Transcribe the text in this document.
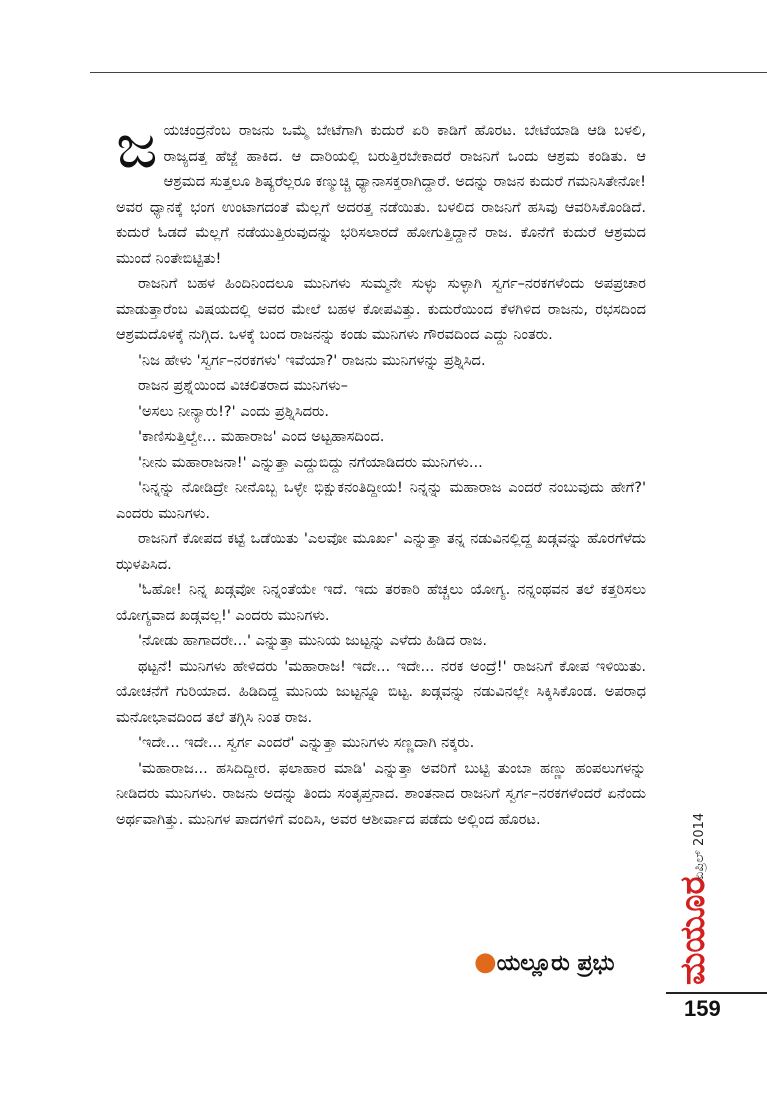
ಜಯಚಂದ್ರನೆಂಬ ರಾಜನು ಒಮ್ಮೆ ಬೇಟೆಗಾಗಿ ಕುದುರೆ ಏರಿ ಕಾಡಿಗೆ ಹೊರಟ. ಬೇಟೆಯಾಡಿ ಆಡಿ ಬಳಲಿ, ರಾಜ್ಯದತ್ತ ಹೆಜ್ಜೆ ಹಾಕಿದ. ಆ ದಾರಿಯಲ್ಲಿ ಬರುತ್ತಿರಬೇಕಾದರೆ ರಾಜನಿಗೆ ಒಂದು ಆಶ್ರಮ ಕಂಡಿತು. ಆ ಆಶ್ರಮದ ಸುತ್ತಲೂ ಶಿಷ್ಯರೆಲ್ಲರೂ ಕಣ್ಮುಚ್ಚಿ ಧ್ಯಾನಾಸಕ್ತರಾಗಿದ್ದಾರೆ. ಅದನ್ನು ರಾಜನ ಕುದುರೆ ಗಮನಿಸಿತೇನೋ! ಅವರ ಧ್ಯಾನಕ್ಕೆ ಭಂಗ ಉಂಟಾಗದಂತೆ ಮೆಲ್ಲಗೆ ಅದರತ್ತ ನಡೆಯಿತು. ಬಳಲಿದ ರಾಜನಿಗೆ ಹಸಿವು ಆವರಿಸಿಕೊಂಡಿದೆ. ಕುದುರೆ ಓಡದೆ ಮೆಲ್ಲಗೆ ನಡೆಯುತ್ತಿರುವುದನ್ನು ಭರಿಸಲಾರದೆ ಹೋಗುತ್ತಿದ್ದಾನೆ ರಾಜ. ಕೊನೆಗೆ ಕುದುರೆ ಆಶ್ರಮದ ಮುಂದೆ ನಿಂತೇಬಿಟ್ಟಿತು!

ರಾಜನಿಗೆ ಬಹಳ ಹಿಂದಿನಿಂದಲೂ ಮುನಿಗಳು ಸುಮ್ಮನೇ ಸುಳ್ಳು ಸುಳ್ಳಾಗಿ ಸ್ವರ್ಗ–ನರಕಗಳೆಂದು ಅಪಪ್ರಚಾರ ಮಾಡುತ್ತಾರೆಂಬ ವಿಷಯದಲ್ಲಿ ಅವರ ಮೇಲೆ ಬಹಳ ಕೋಪವಿತ್ತು. ಕುದುರೆಯಿಂದ ಕೆಳಗಿಳಿದ ರಾಜನು, ರಭಸದಿಂದ ಆಶ್ರಮದೊಳಕ್ಕೆ ನುಗ್ಗಿದ. ಒಳಕ್ಕೆ ಬಂದ ರಾಜನನ್ನು ಕಂಡು ಮುನಿಗಳು ಗೌರವದಿಂದ ಎದ್ದು ನಿಂತರು.

'ನಿಜ ಹೇಳು 'ಸ್ವರ್ಗ–ನರಕಗಳು' ಇವೆಯಾ?' ರಾಜನು ಮುನಿಗಳನ್ನು ಪ್ರಶ್ನಿಸಿದ.

ರಾಜನ ಪ್ರಶ್ನೆಯಿಂದ ವಿಚಲಿತರಾದ ಮುನಿಗಳು–

'ಅಸಲು ನೀನ್ಯಾರು!?' ಎಂದು ಪ್ರಶ್ನಿಸಿದರು.

'ಕಾಣಿಸುತ್ತಿಲ್ವೇ... ಮಹಾರಾಜ' ಎಂದ ಅಟ್ಟಹಾಸದಿಂದ.

'ನೀನು ಮಹಾರಾಜನಾ!' ಎನ್ನುತ್ತಾ ಎದ್ದುಬಿದ್ದು ನಗೆಯಾಡಿದರು ಮುನಿಗಳು...

'ನಿನ್ನನ್ನು ನೋಡಿದ್ರೇ ನೀನೊಬ್ಬ ಒಳ್ಳೇ ಭಿಕ್ಷುಕನಂತಿದ್ದೀಯ! ನಿನ್ನನ್ನು ಮಹಾರಾಜ ಎಂದರೆ ನಂಬುವುದು ಹೇಗೆ?' ಎಂದರು ಮುನಿಗಳು.

ರಾಜನಿಗೆ ಕೋಪದ ಕಟ್ಟೆ ಒಡೆಯಿತು 'ಎಲವೋ ಮೂರ್ಖ' ಎನ್ನುತ್ತಾ ತನ್ನ ನಡುವಿನಲ್ಲಿದ್ದ ಖಡ್ಗವನ್ನು ಹೊರಗೆಳೆದು ಝಳಪಿಸಿದ.

'ಓಹೋ! ನಿನ್ನ ಖಡ್ಗವೋ ನಿನ್ನಂತೆಯೇ ಇದೆ. ಇದು ತರಕಾರಿ ಹೆಚ್ಚಲು ಯೋಗ್ಯ. ನನ್ನಂಥವನ ತಲೆ ಕತ್ತರಿಸಲು ಯೋಗ್ಯವಾದ ಖಡ್ಗವಲ್ಲ!' ಎಂದರು ಮುನಿಗಳು.

'ನೋಡು ಹಾಗಾದರೇ...' ಎನ್ನುತ್ತಾ ಮುನಿಯ ಜುಟ್ಟನ್ನು ಎಳೆದು ಹಿಡಿದ ರಾಜ.

ಥಟ್ಟನೆ! ಮುನಿಗಳು ಹೇಳಿದರು 'ಮಹಾರಾಜ! ಇದೇ... ಇದೇ... ನರಕ ಅಂದ್ರೆ!' ರಾಜನಿಗೆ ಕೋಪ ಇಳಿಯಿತು. ಯೋಚನೆಗೆ ಗುರಿಯಾದ. ಹಿಡಿದಿದ್ದ ಮುನಿಯ ಜುಟ್ಟನ್ನೂ ಬಿಟ್ಟ. ಖಡ್ಗವನ್ನು ನಡುವಿನಲ್ಲೇ ಸಿಕ್ಕಿಸಿಕೊಂಡ. ಅಪರಾಧ ಮನೋಭಾವದಿಂದ ತಲೆ ತಗ್ಗಿಸಿ ನಿಂತ ರಾಜ.

'ಇದೇ... ಇದೇ... ಸ್ವರ್ಗ ಎಂದರೆ' ಎನ್ನುತ್ತಾ ಮುನಿಗಳು ಸಣ್ಣದಾಗಿ ನಕ್ಕರು.

'ಮಹಾರಾಜ... ಹಸಿದಿದ್ದೀರ. ಫಲಾಹಾರ ಮಾಡಿ' ಎನ್ನುತ್ತಾ ಅವರಿಗೆ ಬುಟ್ಟಿ ತುಂಬಾ ಹಣ್ಣು ಹಂಪಲುಗಳನ್ನು ನೀಡಿದರು ಮುನಿಗಳು. ರಾಜನು ಅದನ್ನು ತಿಂದು ಸಂತೃಪ್ತನಾದ. ಶಾಂತನಾದ ರಾಜನಿಗೆ ಸ್ವರ್ಗ–ನರಕಗಳೆಂದರೆ ಏನೆಂದು ಅರ್ಥವಾಗಿತ್ತು. ಮುನಿಗಳ ಪಾದಗಳಿಗೆ ವಂದಿಸಿ, ಅವರ ಆಶೀರ್ವಾದ ಪಡೆದು ಅಲ್ಲಿಂದ ಹೊರಟ.

●ಯಲ್ಲೂರು ಪ್ರಭು ಮಯೂರ
ಏಪ್ರಿಲ್ 2014
159
